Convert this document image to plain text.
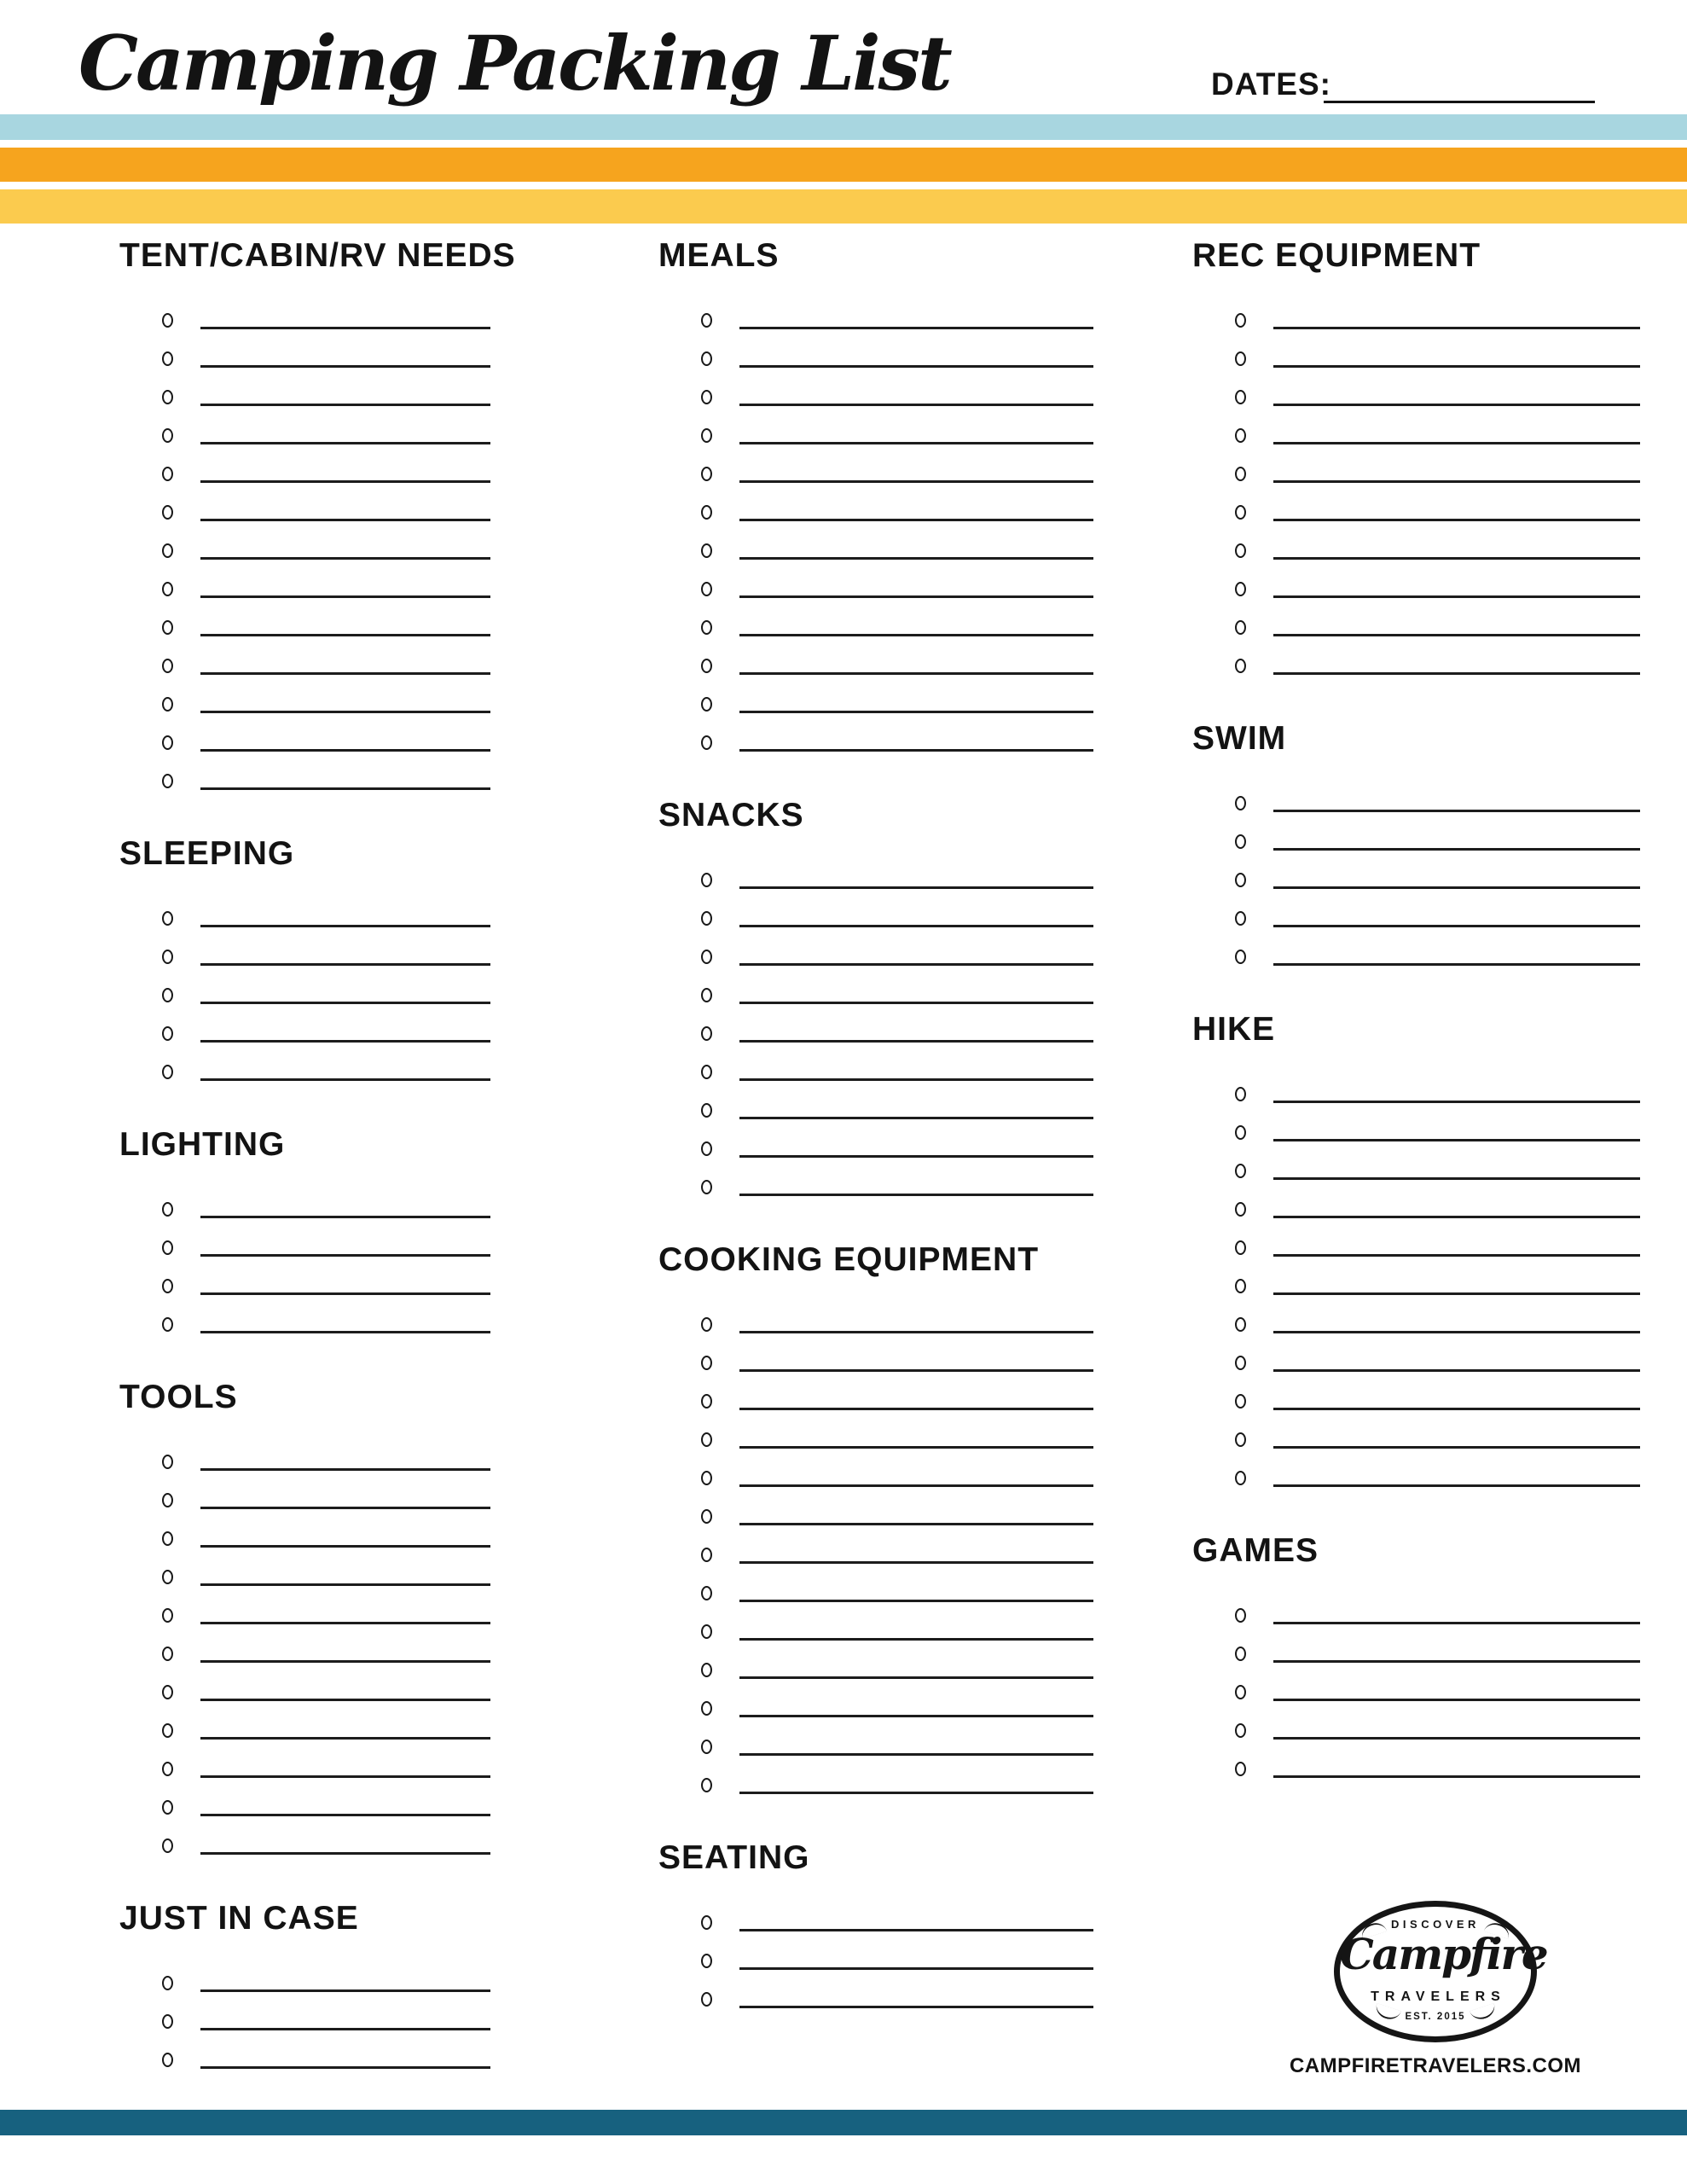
Camping Packing List	DATES:
TENT/CABIN/RV NEEDS
SLEEPING
LIGHTING
TOOLS
JUST IN CASE
MEALS
SNACKS
COOKING EQUIPMENT
SEATING
REC EQUIPMENT
SWIM
HIKE
GAMES
DISCOVER
Campfire
TRAVELERS
EST. 2015
CAMPFIRETRAVELERS.COM
